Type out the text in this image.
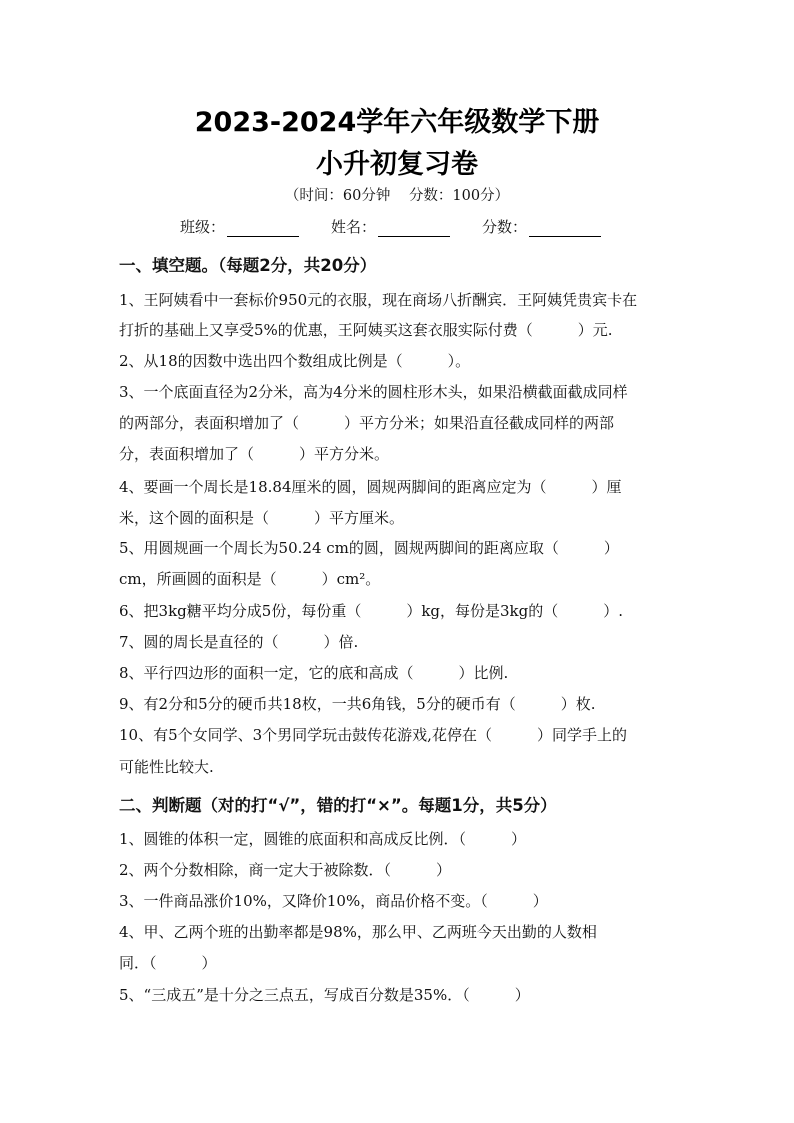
2023-2024学年六年级数学下册
小升初复习卷
（时间：60分钟 分数：100分）
班级：	姓名：	分数：
一、填空题。（每题2分，共20分）
1、王阿姨看中一套标价950元的衣服，现在商场八折酬宾．王阿姨凭贵宾卡在
打折的基础上又享受5%的优惠，王阿姨买这套衣服实际付费（　　　）元.
2、从18的因数中选出四个数组成比例是（　　　）。
3、一个底面直径为2分米，高为4分米的圆柱形木头，如果沿横截面截成同样
的两部分，表面积增加了（　　　）平方分米；如果沿直径截成同样的两部
分，表面积增加了（　　　）平方分米。
4、要画一个周长是18.84厘米的圆，圆规两脚间的距离应定为（　　　）厘
米，这个圆的面积是（　　　）平方厘米。
5、用圆规画一个周长为50.24 cm的圆，圆规两脚间的距离应取（　　　）
cm，所画圆的面积是（　　　）cm²。
6、把3kg糖平均分成5份，每份重（　　　）kg，每份是3kg的（　　　）.
7、圆的周长是直径的（　　　）倍.
8、平行四边形的面积一定，它的底和高成（　　　）比例.
9、有2分和5分的硬币共18枚，一共6角钱，5分的硬币有（　　　）枚.
10、有5个女同学、3个男同学玩击鼓传花游戏,花停在（　　　）同学手上的
可能性比较大.
二、判断题（对的打“√”，错的打“×”。每题1分，共5分）
1、圆锥的体积一定，圆锥的底面积和高成反比例．（　　　）
2、两个分数相除，商一定大于被除数．（　　　）
3、一件商品涨价10%，又降价10%，商品价格不变。（　　　）
4、甲、乙两个班的出勤率都是98%，那么甲、乙两班今天出勤的人数相
同．（　　　）
5、“三成五”是十分之三点五，写成百分数是35%．（　　　）
